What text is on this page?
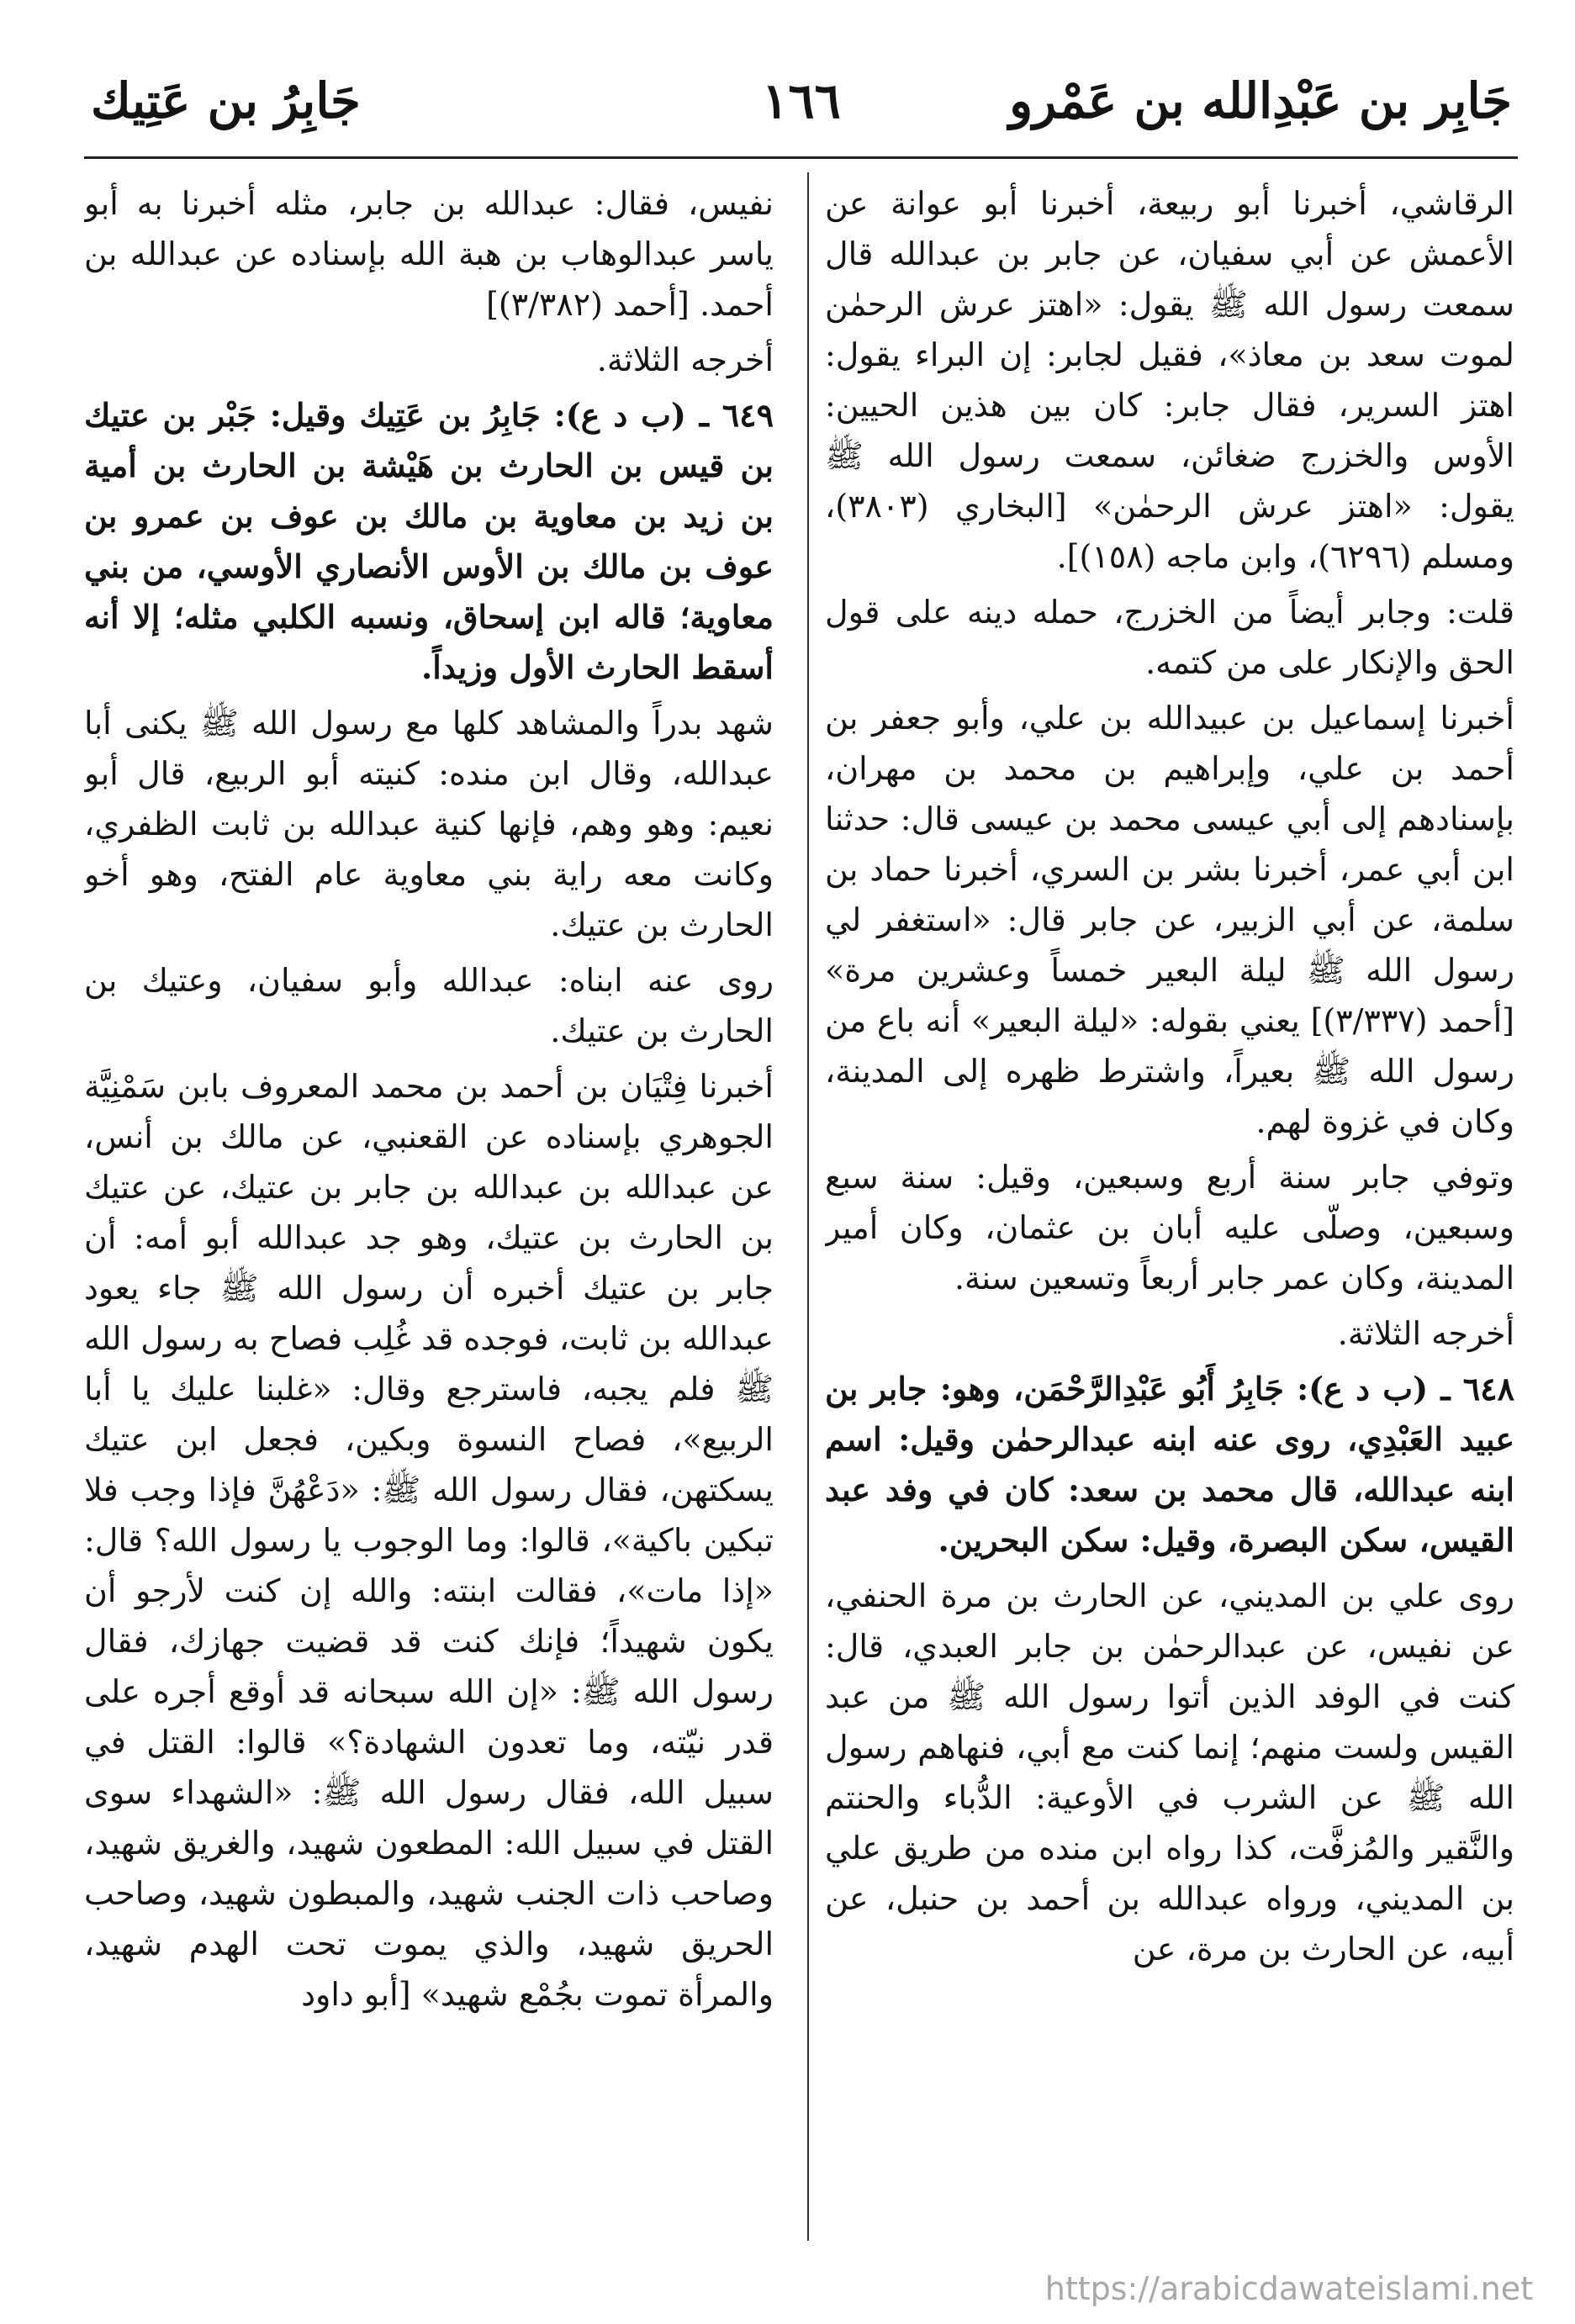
جَابِر بن عَبْدِالله بن عَمْرو
١٦٦
جَابِرُ بن عَتِيك

الرقاشي، أخبرنا أبو ربيعة، أخبرنا أبو عوانة عن الأعمش عن أبي سفيان، عن جابر بن عبدالله قال سمعت رسول الله ﷺ يقول: «اهتز عرش الرحمٰن لموت سعد بن معاذ»، فقيل لجابر: إن البراء يقول: اهتز السرير، فقال جابر: كان بين هذين الحيين: الأوس والخزرج ضغائن، سمعت رسول الله ﷺ يقول: «اهتز عرش الرحمٰن» [البخاري (٣٨٠٣)، ومسلم (٦٢٩٦)، وابن ماجه (١٥٨)].

قلت: وجابر أيضاً من الخزرج، حمله دينه على قول الحق والإنكار على من كتمه.

أخبرنا إسماعيل بن عبيدالله بن علي، وأبو جعفر بن أحمد بن علي، وإبراهيم بن محمد بن مهران، بإسنادهم إلى أبي عيسى محمد بن عيسى قال: حدثنا ابن أبي عمر، أخبرنا بشر بن السري، أخبرنا حماد بن سلمة، عن أبي الزبير، عن جابر قال: «استغفر لي رسول الله ﷺ ليلة البعير خمساً وعشرين مرة» [أحمد (٣/٣٣٧)] يعني بقوله: «ليلة البعير» أنه باع من رسول الله ﷺ بعيراً، واشترط ظهره إلى المدينة، وكان في غزوة لهم.

وتوفي جابر سنة أربع وسبعين، وقيل: سنة سبع وسبعين، وصلّى عليه أبان بن عثمان، وكان أمير المدينة، وكان عمر جابر أربعاً وتسعين سنة.

أخرجه الثلاثة.

٦٤٨ ـ (ب د ع): جَابِرُ أَبُو عَبْدِالرَّحْمَن، وهو: جابر بن عبيد العَبْدِي، روى عنه ابنه عبدالرحمٰن وقيل: اسم ابنه عبدالله، قال محمد بن سعد: كان في وفد عبد القيس، سكن البصرة، وقيل: سكن البحرين.

روى علي بن المديني، عن الحارث بن مرة الحنفي، عن نفيس، عن عبدالرحمٰن بن جابر العبدي، قال: كنت في الوفد الذين أتوا رسول الله ﷺ من عبد القيس ولست منهم؛ إنما كنت مع أبي، فنهاهم رسول الله ﷺ عن الشرب في الأوعية: الدُّباء والحنتم والنَّقير والمُزفَّت، كذا رواه ابن منده من طريق علي بن المديني، ورواه عبدالله بن أحمد بن حنبل، عن أبيه، عن الحارث بن مرة، عن

نفيس، فقال: عبدالله بن جابر، مثله أخبرنا به أبو ياسر عبدالوهاب بن هبة الله بإسناده عن عبدالله بن أحمد. [أحمد (٣/٣٨٢)]

أخرجه الثلاثة.

٦٤٩ ـ (ب د ع): جَابِرُ بن عَتِيك وقيل: جَبْر بن عتيك بن قيس بن الحارث بن هَيْشة بن الحارث بن أمية بن زيد بن معاوية بن مالك بن عوف بن عمرو بن عوف بن مالك بن الأوس الأنصاري الأوسي، من بني معاوية؛ قاله ابن إسحاق، ونسبه الكلبي مثله؛ إلا أنه أسقط الحارث الأول وزيداً.

شهد بدراً والمشاهد كلها مع رسول الله ﷺ يكنى أبا عبدالله، وقال ابن منده: كنيته أبو الربيع، قال أبو نعيم: وهو وهم، فإنها كنية عبدالله بن ثابت الظفري، وكانت معه راية بني معاوية عام الفتح، وهو أخو الحارث بن عتيك.

روى عنه ابناه: عبدالله وأبو سفيان، وعتيك بن الحارث بن عتيك.

أخبرنا فِتْيَان بن أحمد بن محمد المعروف بابن سَمْنِيَّة الجوهري بإسناده عن القعنبي، عن مالك بن أنس، عن عبدالله بن عبدالله بن جابر بن عتيك، عن عتيك بن الحارث بن عتيك، وهو جد عبدالله أبو أمه: أن جابر بن عتيك أخبره أن رسول الله ﷺ جاء يعود عبدالله بن ثابت، فوجده قد غُلِب فصاح به رسول الله ﷺ فلم يجبه، فاسترجع وقال: «غلبنا عليك يا أبا الربيع»، فصاح النسوة وبكين، فجعل ابن عتيك يسكتهن، فقال رسول الله ﷺ: «دَعْهُنَّ فإذا وجب فلا تبكين باكية»، قالوا: وما الوجوب يا رسول الله؟ قال: «إذا مات»، فقالت ابنته: والله إن كنت لأرجو أن يكون شهيداً؛ فإنك كنت قد قضيت جهازك، فقال رسول الله ﷺ: «إن الله سبحانه قد أوقع أجره على قدر نيّته، وما تعدون الشهادة؟» قالوا: القتل في سبيل الله، فقال رسول الله ﷺ: «الشهداء سوى القتل في سبيل الله: المطعون شهيد، والغريق شهيد، وصاحب ذات الجنب شهيد، والمبطون شهيد، وصاحب الحريق شهيد، والذي يموت تحت الهدم شهيد، والمرأة تموت بجُمْع شهيد» [أبو داود

https://arabicdawateislami.net
